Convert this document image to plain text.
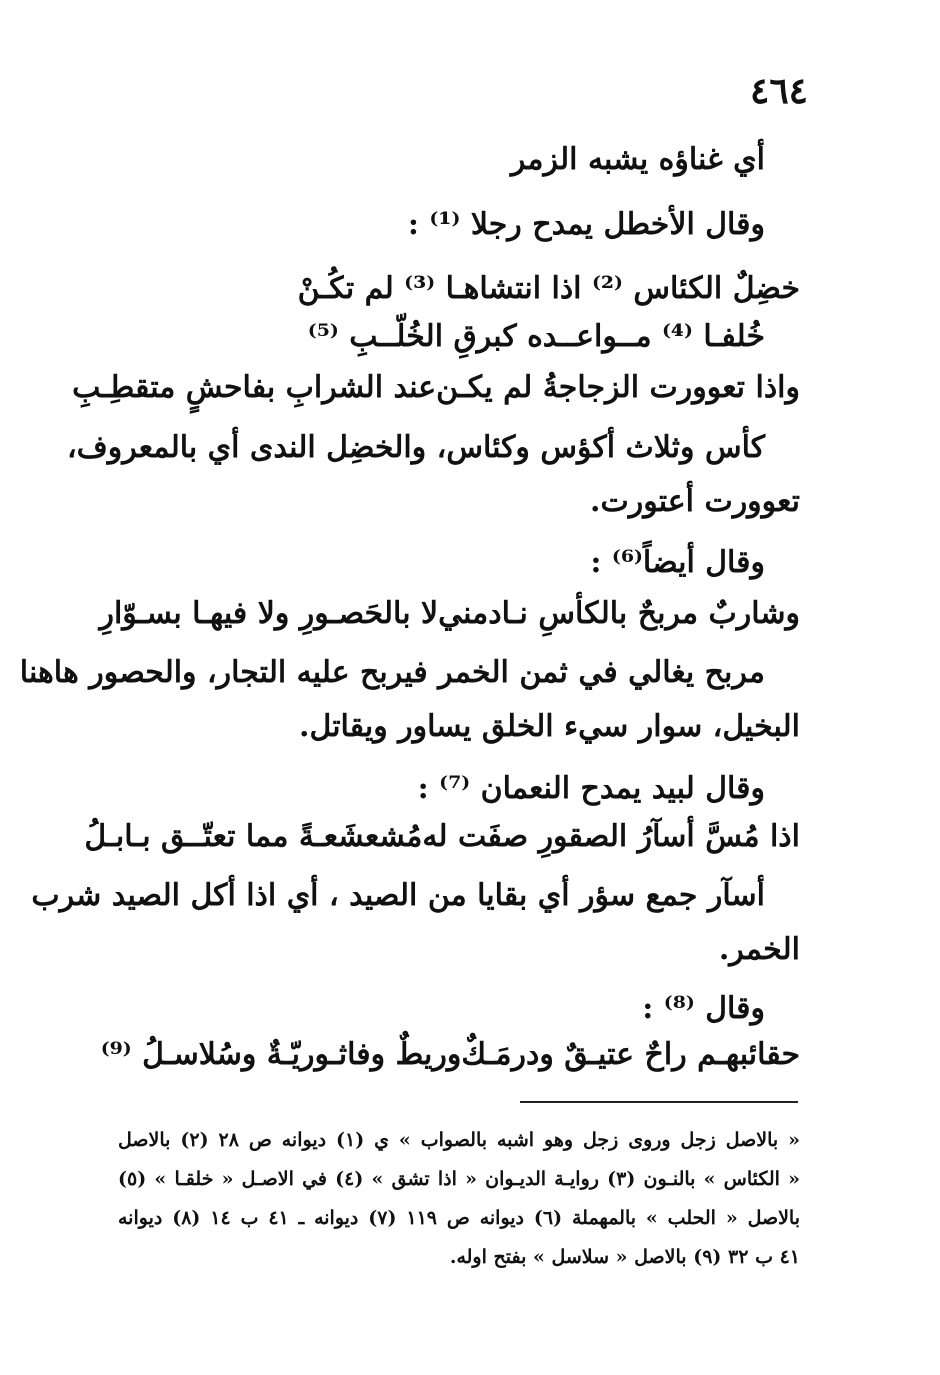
٤٦٤
أي غناؤه يشبه الزمر
وقال الأخطل يمدح رجلا ⁽¹⁾ :
خضِلٌ الكئاس ⁽²⁾ اذا انتشاهـا ⁽³⁾ لم تكُـنْ
خُلفـا ⁽⁴⁾ مــواعــده كبرقِ الخُلّــبِ ⁽⁵⁾
واذا تعوورت الزجاجةُ لم يكـن
عند الشرابِ بفاحشٍ متقطِـبِ
كأس وثلاث أكؤس وكئاس، والخضِل الندى أي بالمعروف،
تعوورت أعتورت.
وقال أيضاً⁽⁶⁾ :
وشاربٌ مربحٌ بالكأسِ نـادمني
لا بالحَصـورِ ولا فيهـا بسـوّارِ
مربح يغالي في ثمن الخمر فيربح عليه التجار، والحصور هاهنا
البخيل، سوار سيء الخلق يساور ويقاتل.
وقال لبيد يمدح النعمان ⁽⁷⁾ :
اذا مُسَّ أسآرُ الصقورِ صفَت له
مُشعشَعـةً مما تعتّــق بـابـلُ
أسآر جمع سؤر أي بقايا من الصيد ، أي اذا أكل الصيد شرب
الخمر.
وقال ⁽⁸⁾ :
حقائبهـم راحٌ عتيـقٌ ودرمَـكٌ
وريطٌ وفاثـوريّـةٌ وسُلاسـلُ ⁽⁹⁾
« بالاصل زجل وروى زجل وهو اشبه بالصواب » ي (١) ديوانه ص ٢٨ (٢) بالاصل
« الكئاس » بالنـون (٣) روايـة الديـوان « اذا تشق » (٤) في الاصـل « خلقـا » (٥)
بالاصل « الحلب » بالمهملة (٦) ديوانه ص ١١٩ (٧) ديوانه ـ ٤١ ب ١٤ (٨) ديوانه
٤١ ب ٣٢ (٩) بالاصل « سلاسل » بفتح اوله.
